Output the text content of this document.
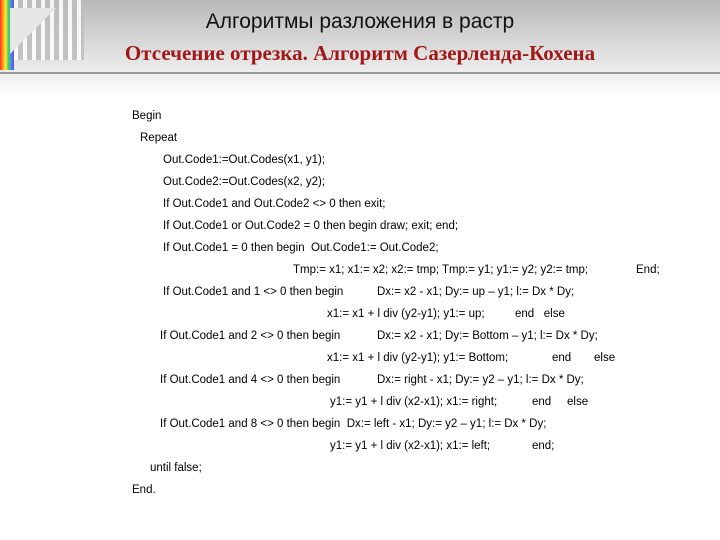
Алгоритмы разложения в растр
Отсечение отрезка. Алгоритм Сазерленда-Кохена
Begin
Repeat
Out.Code1:=Out.Codes(x1, y1);
Out.Code2:=Out.Codes(x2, y2);
If Out.Code1 and Out.Code2 <> 0 then exit;
If Out.Code1 or Out.Code2 = 0 then begin draw; exit; end;
If Out.Code1 = 0 then begin  Out.Code1:= Out.Code2;
Tmp:= x1; x1:= x2; x2:= tmp; Tmp:= y1; y1:= y2; y2:= tmp;	End;
If Out.Code1 and 1 <> 0 then begin	Dx:= x2 - x1; Dy:= up – y1; l:= Dx * Dy;
x1:= x1 + l div (y2-y1); y1:= up;	end   else
If Out.Code1 and 2 <> 0 then begin	Dx:= x2 - x1; Dy:= Bottom – y1; l:= Dx * Dy;
x1:= x1 + l div (y2-y1); y1:= Bottom;	end else
If Out.Code1 and 4 <> 0 then begin	Dx:= right - x1; Dy:= y2 – y1; l:= Dx * Dy;
y1:= y1 + l div (x2-x1); x1:= right;	end else
If Out.Code1 and 8 <> 0 then begin  Dx:= left - x1; Dy:= y2 – y1; l:= Dx * Dy;
y1:= y1 + l div (x2-x1); x1:= left;	end;
until false;
End.
